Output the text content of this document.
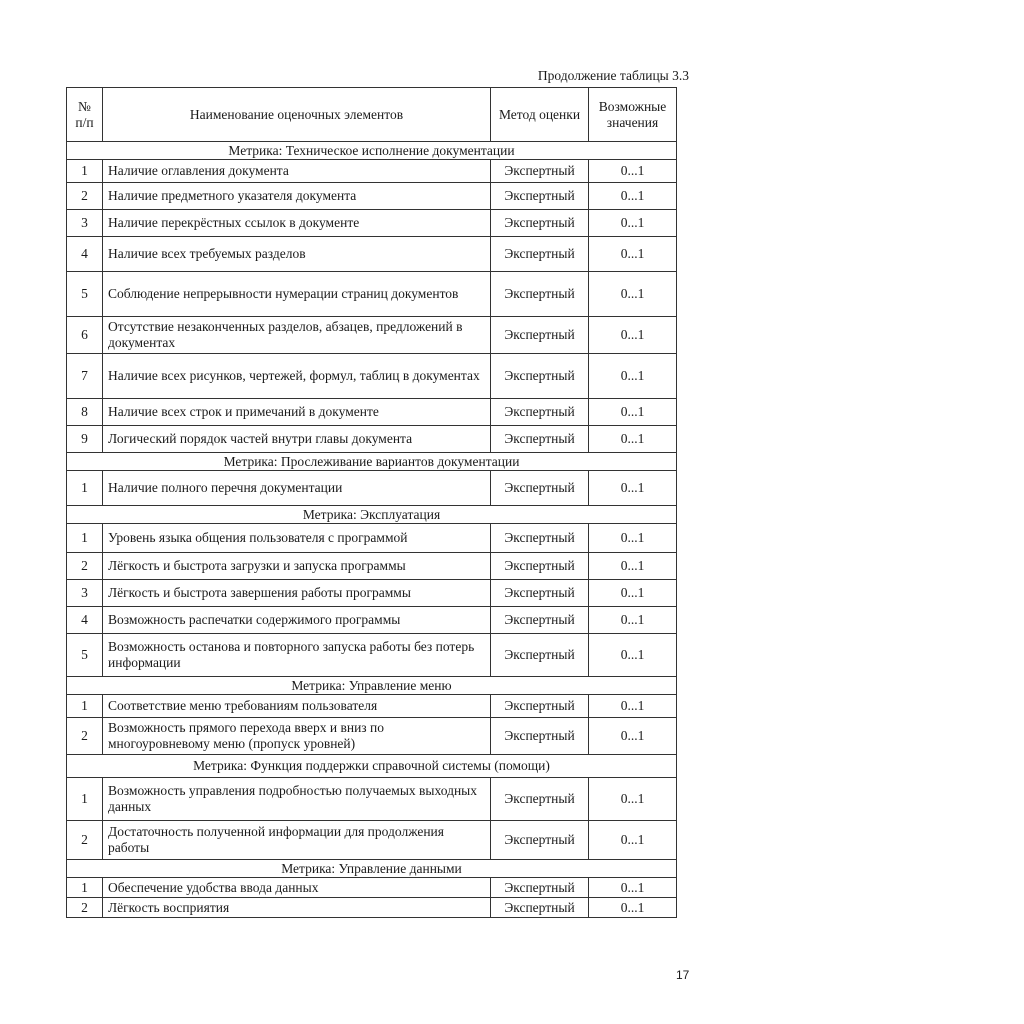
Продолжение таблицы 3.3
№ п/п	Наименование оценочных элементов	Метод оценки	Возможные значения
Метрика: Техническое исполнение документации			
1	Наличие оглавления документа	Экспертный	0...1
2	Наличие предметного указателя документа	Экспертный	0...1
3	Наличие перекрёстных ссылок в документе	Экспертный	0...1
4	Наличие всех требуемых разделов	Экспертный	0...1
5	Соблюдение непрерывности нумерации страниц документов	Экспертный	0...1
6	Отсутствие незаконченных разделов, абзацев, предложений в документах	Экспертный	0...1
7	Наличие всех рисунков, чертежей, формул, таблиц в документах	Экспертный	0...1
8	Наличие всех строк и примечаний в документе	Экспертный	0...1
9	Логический порядок частей внутри главы документа	Экспертный	0...1
Метрика: Прослеживание вариантов документации			
1	Наличие полного перечня документации	Экспертный	0...1
Метрика: Эксплуатация			
1	Уровень языка общения пользователя с программой	Экспертный	0...1
2	Лёгкость и быстрота загрузки и запуска программы	Экспертный	0...1
3	Лёгкость и быстрота завершения работы программы	Экспертный	0...1
4	Возможность распечатки содержимого программы	Экспертный	0...1
5	Возможность останова и повторного запуска работы без потерь информации	Экспертный	0...1
Метрика: Управление меню			
1	Соответствие меню требованиям пользователя	Экспертный	0...1
2	Возможность прямого перехода вверх и вниз по многоуровневому меню (пропуск уровней)	Экспертный	0...1
Метрика: Функция поддержки справочной системы (помощи)			
1	Возможность управления подробностью получаемых выходных данных	Экспертный	0...1
2	Достаточность полученной информации для продолжения работы	Экспертный	0...1
Метрика: Управление данными			
1	Обеспечение удобства ввода данных	Экспертный	0...1
2	Лёгкость восприятия	Экспертный	0...1
17
